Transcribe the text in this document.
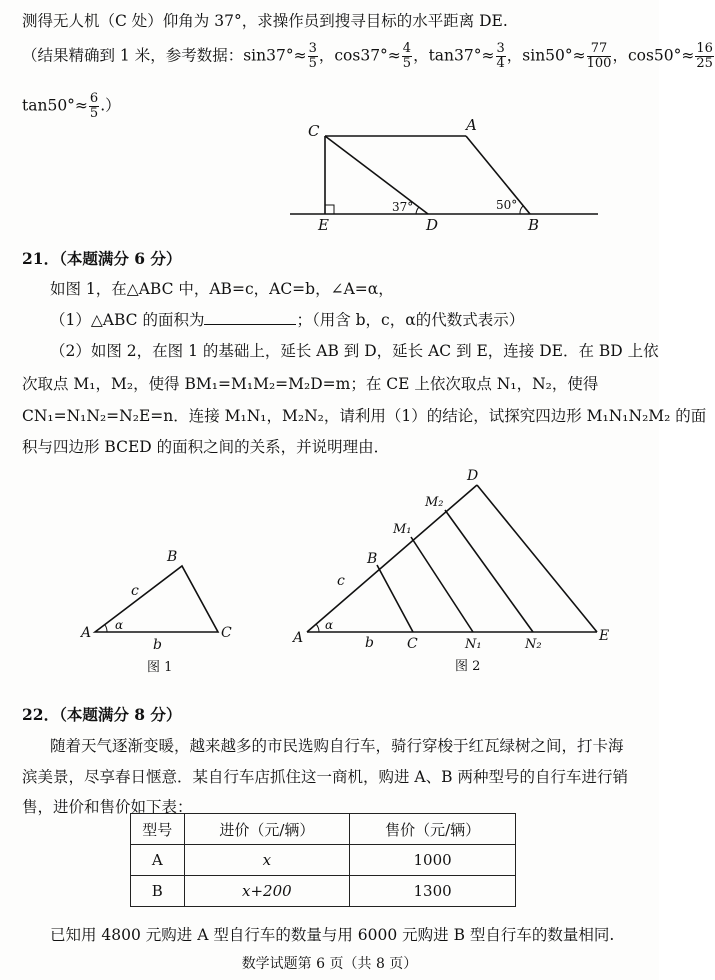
测得无人机（C 处）仰角为 37°，求操作员到搜寻目标的水平距离 DE.
（结果精确到 1 米，参考数据：$\sin 37^\circ\approx \frac{3}{5}$ ，$\cos 37^\circ\approx \frac{4}{5}$ ，$\tan 37^\circ\approx \frac{3}{4}$ ，$\sin 50^\circ\approx \frac{77}{100}$ ，$\cos 50^\circ\approx \frac{16}{25}$
$\tan 50^\circ\approx \frac{6}{5}$ .）
C	A
E	D	B
37°	50°
21．（本题满分 6 分）
如图 1，在△ABC 中，AB=c，AC=b，∠A=α，
（1）△ABC 的面积为	；（用含 b，c，α的代数式表示）
（2）如图 2，在图 1 的基础上，延长 AB 到 D，延长 AC 到 E，连接 DE．在 BD 上依
次取点 M₁，M₂，使得 BM₁=M₁M₂=M₂D=m；在 CE 上依次取点 N₁，N₂，使得
CN₁=N₁N₂=N₂E=n．连接 M₁N₁，M₂N₂，请利用（1）的结论，试探究四边形 M₁N₁N₂M₂ 的面
积与四边形 BCED 的面积之间的关系，并说明理由．
A
B
C
c
b
α
图 1
A
B
C
D
E
M₁
M₂
N₁	N₂
c
b
α
图 2
22．（本题满分 8 分）
随着天气逐渐变暖，越来越多的市民选购自行车，骑行穿梭于红瓦绿树之间，打卡海
滨美景，尽享春日惬意．某自行车店抓住这一商机，购进 A、B 两种型号的自行车进行销
售，进价和售价如下表：
型号	进价（元/辆）	售价（元/辆）
A	x	1000
B	x+200	1300
已知用 4800 元购进 A 型自行车的数量与用 6000 元购进 B 型自行车的数量相同.
数学试题第 6 页（共 8 页）
